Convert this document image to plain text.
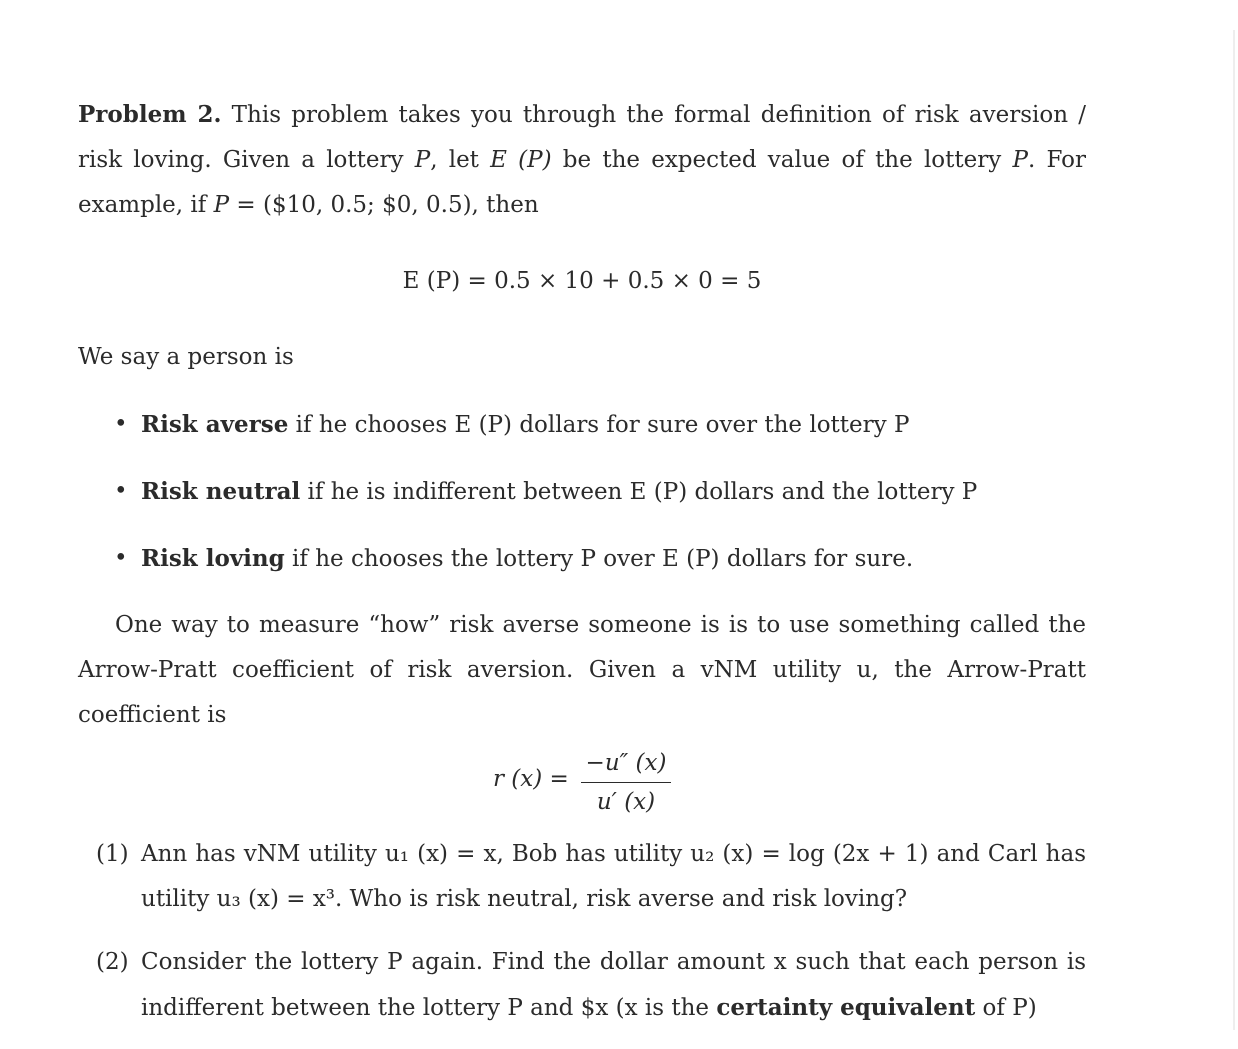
Problem 2. This problem takes you through the formal definition of risk aversion / risk loving. Given a lottery P, let E (P) be the expected value of the lottery P. For example, if P = ($10, 0.5; $0, 0.5), then

E (P) = 0.5 × 10 + 0.5 × 0 = 5

We say a person is

• Risk averse if he chooses E (P) dollars for sure over the lottery P
• Risk neutral if he is indifferent between E (P) dollars and the lottery P
• Risk loving if he chooses the lottery P over E (P) dollars for sure.

One way to measure “how” risk averse someone is is to use something called the Arrow-Pratt coefficient of risk aversion. Given a vNM utility u, the Arrow-Pratt coefficient is

r (x) =
−u″ (x)
u′ (x)
(1) Ann has vNM utility u₁ (x) = x, Bob has utility u₂ (x) = log (2x + 1) and Carl has utility u₃ (x) = x³. Who is risk neutral, risk averse and risk loving?
(2) Consider the lottery P again. Find the dollar amount x such that each person is indifferent between the lottery P and $x (x is the certainty equivalent of P)
